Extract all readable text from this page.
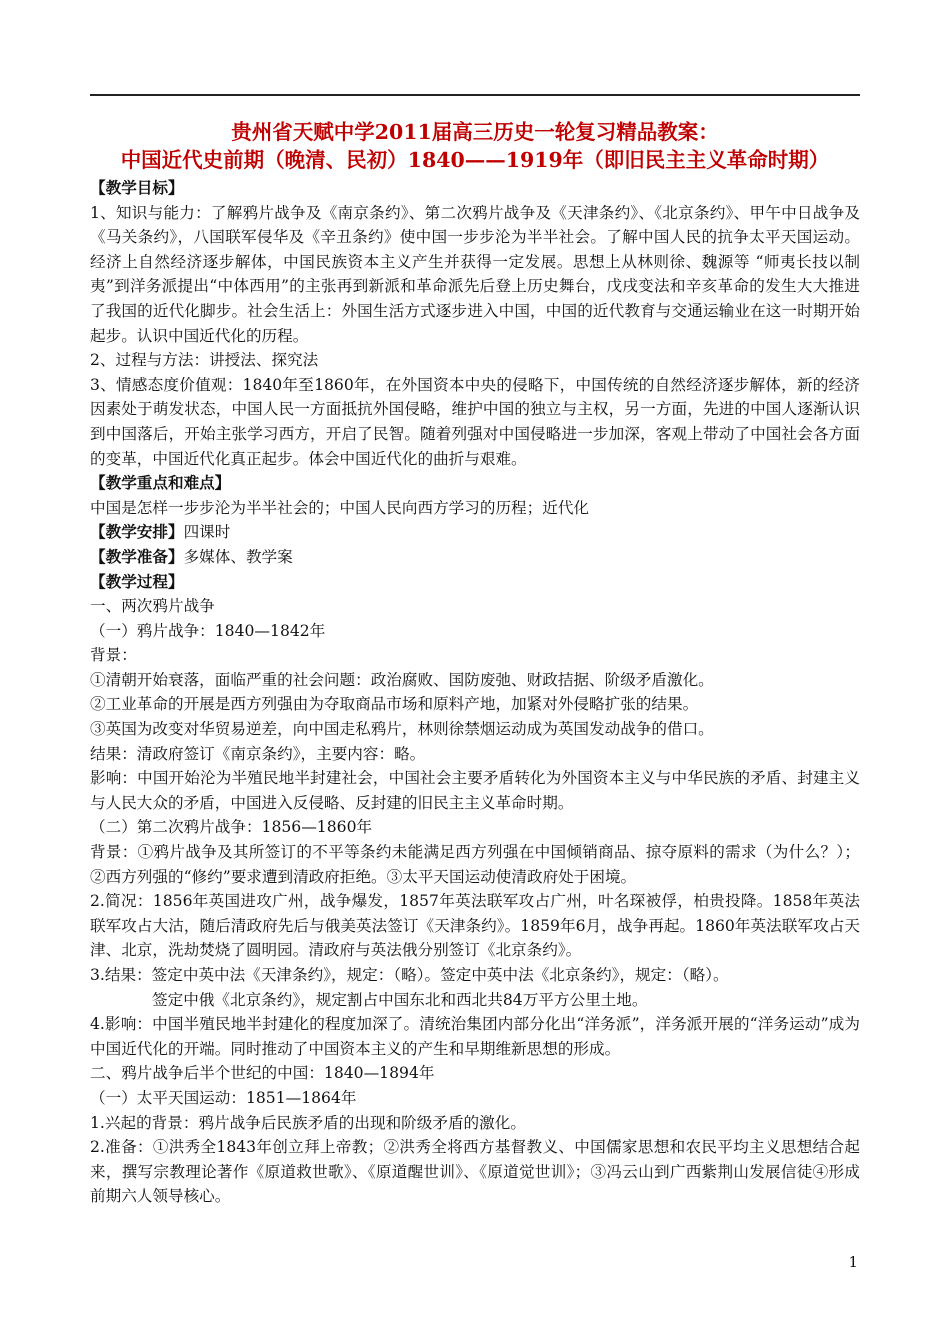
贵州省天赋中学2011届高三历史一轮复习精品教案：
中国近代史前期（晚清、民初）1840——1919年（即旧民主主义革命时期）

【教学目标】

1、知识与能力：了解鸦片战争及《南京条约》、第二次鸦片战争及《天津条约》、《北京条约》、甲午中日战争及《马关条约》，八国联军侵华及《辛丑条约》使中国一步步沦为半半社会。了解中国人民的抗争太平天国运动。经济上自然经济逐步解体，中国民族资本主义产生并获得一定发展。思想上从林则徐、魏源等 “师夷长技以制夷”到洋务派提出“中体西用”的主张再到新派和革命派先后登上历史舞台，戊戌变法和辛亥革命的发生大大推进了我国的近代化脚步。社会生活上：外国生活方式逐步进入中国，中国的近代教育与交通运输业在这一时期开始起步。认识中国近代化的历程。

2、过程与方法：讲授法、探究法

3、情感态度价值观：1840年至1860年，在外国资本中央的侵略下，中国传统的自然经济逐步解体，新的经济因素处于萌发状态，中国人民一方面抵抗外国侵略，维护中国的独立与主权，另一方面，先进的中国人逐渐认识到中国落后，开始主张学习西方，开启了民智。随着列强对中国侵略进一步加深，客观上带动了中国社会各方面的变革，中国近代化真正起步。体会中国近代化的曲折与艰难。

【教学重点和难点】

中国是怎样一步步沦为半半社会的；中国人民向西方学习的历程；近代化

【教学安排】四课时

【教学准备】多媒体、教学案

【教学过程】

一、两次鸦片战争

（一）鸦片战争：1840—1842年

背景：

①清朝开始衰落，面临严重的社会问题：政治腐败、国防废弛、财政拮据、阶级矛盾激化。

②工业革命的开展是西方列强由为夺取商品市场和原料产地，加紧对外侵略扩张的结果。

③英国为改变对华贸易逆差，向中国走私鸦片，林则徐禁烟运动成为英国发动战争的借口。

结果：清政府签订《南京条约》，主要内容：略。

影响：中国开始沦为半殖民地半封建社会，中国社会主要矛盾转化为外国资本主义与中华民族的矛盾、封建主义与人民大众的矛盾，中国进入反侵略、反封建的旧民主主义革命时期。

（二）第二次鸦片战争：1856—1860年

背景：①鸦片战争及其所签订的不平等条约未能满足西方列强在中国倾销商品、掠夺原料的需求（为什么？）；②西方列强的“修约”要求遭到清政府拒绝。③太平天国运动使清政府处于困境。

2.简况：1856年英国进攻广州，战争爆发，1857年英法联军攻占广州，叶名琛被俘，柏贵投降。1858年英法联军攻占大沽，随后清政府先后与俄美英法签订《天津条约》。1859年6月，战争再起。1860年英法联军攻占天津、北京，洗劫焚烧了圆明园。清政府与英法俄分别签订《北京条约》。

3.结果：签定中英中法《天津条约》，规定：（略）。签定中英中法《北京条约》，规定：（略）。

签定中俄《北京条约》，规定割占中国东北和西北共84万平方公里土地。

4.影响：中国半殖民地半封建化的程度加深了。清统治集团内部分化出“洋务派”，洋务派开展的“洋务运动”成为中国近代化的开端。同时推动了中国资本主义的产生和早期维新思想的形成。

二、鸦片战争后半个世纪的中国：1840—1894年

（一）太平天国运动：1851—1864年

1.兴起的背景：鸦片战争后民族矛盾的出现和阶级矛盾的激化。

2.准备：①洪秀全1843年创立拜上帝教；②洪秀全将西方基督教义、中国儒家思想和农民平均主义思想结合起来，撰写宗教理论著作《原道救世歌》、《原道醒世训》、《原道觉世训》；③冯云山到广西紫荆山发展信徒④形成前期六人领导核心。

1
